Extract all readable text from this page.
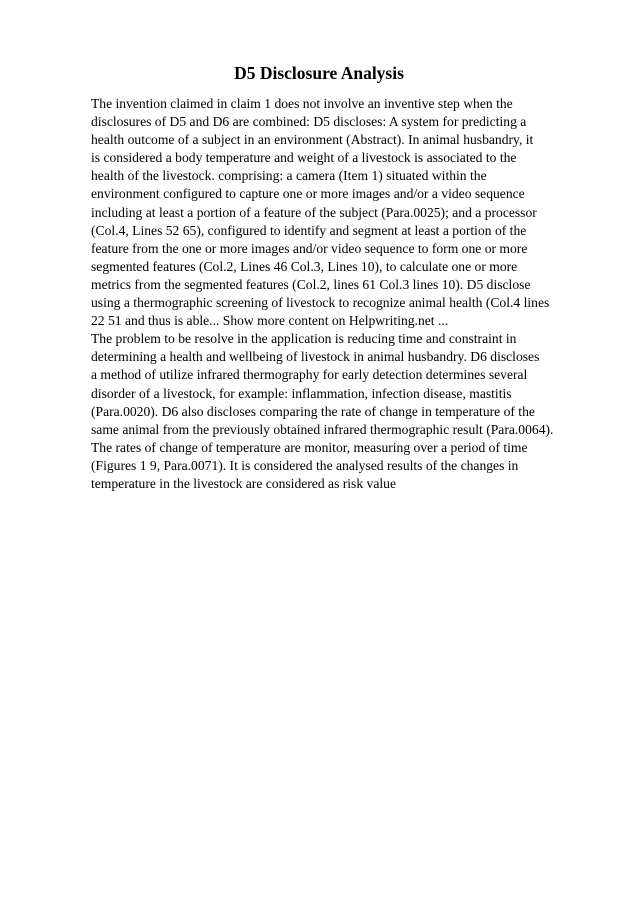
D5 Disclosure Analysis
The invention claimed in claim 1 does not involve an inventive step when the
disclosures of D5 and D6 are combined: D5 discloses: A system for predicting a
health outcome of a subject in an environment (Abstract). In animal husbandry, it
is considered a body temperature and weight of a livestock is associated to the
health of the livestock. comprising: a camera (Item 1) situated within the
environment configured to capture one or more images and/or a video sequence
including at least a portion of a feature of the subject (Para.0025); and a processor
(Col.4, Lines 52 65), configured to identify and segment at least a portion of the
feature from the one or more images and/or video sequence to form one or more
segmented features (Col.2, Lines 46 Col.3, Lines 10), to calculate one or more
metrics from the segmented features (Col.2, lines 61 Col.3 lines 10). D5 disclose
using a thermographic screening of livestock to recognize animal health (Col.4 lines
22 51 and thus is able... Show more content on Helpwriting.net ...
The problem to be resolve in the application is reducing time and constraint in
determining a health and wellbeing of livestock in animal husbandry. D6 discloses
a method of utilize infrared thermography for early detection determines several
disorder of a livestock, for example: inflammation, infection disease, mastitis
(Para.0020). D6 also discloses comparing the rate of change in temperature of the
same animal from the previously obtained infrared thermographic result (Para.0064).
The rates of change of temperature are monitor, measuring over a period of time
(Figures 1 9, Para.0071). It is considered the analysed results of the changes in
temperature in the livestock are considered as risk value
